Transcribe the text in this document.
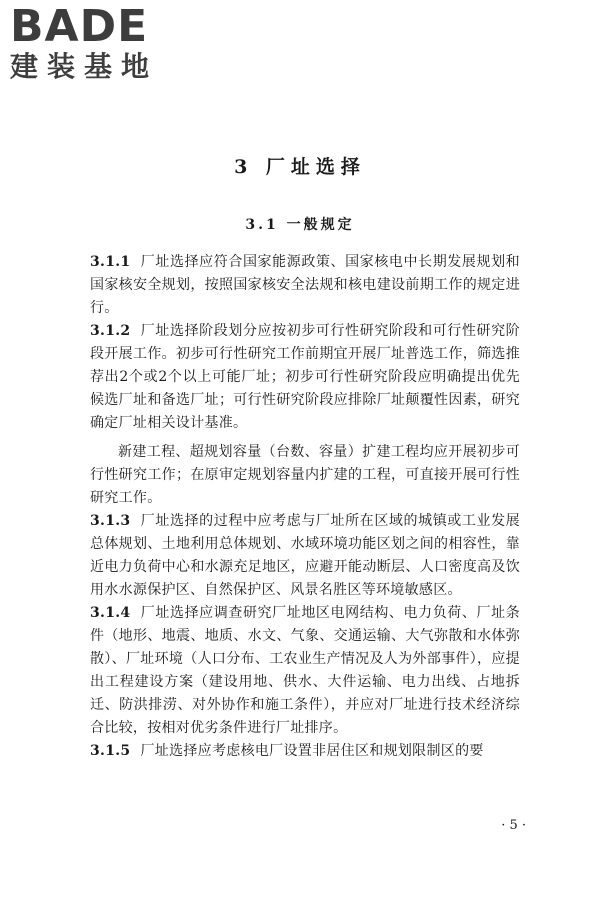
BADE
建装基地
3 厂址选择
3.1 一般规定

3.1.1 厂址选择应符合国家能源政策、国家核电中长期发展规划和国家核安全规划，按照国家核安全法规和核电建设前期工作的规定进行。

3.1.2 厂址选择阶段划分应按初步可行性研究阶段和可行性研究阶段开展工作。初步可行性研究工作前期宜开展厂址普选工作，筛选推荐出2个或2个以上可能厂址；初步可行性研究阶段应明确提出优先候选厂址和备选厂址；可行性研究阶段应排除厂址颠覆性因素，研究确定厂址相关设计基准。

新建工程、超规划容量（台数、容量）扩建工程均应开展初步可行性研究工作；在原审定规划容量内扩建的工程，可直接开展可行性研究工作。

3.1.3 厂址选择的过程中应考虑与厂址所在区域的城镇或工业发展总体规划、土地利用总体规划、水域环境功能区划之间的相容性，靠近电力负荷中心和水源充足地区，应避开能动断层、人口密度高及饮用水水源保护区、自然保护区、风景名胜区等环境敏感区。

3.1.4 厂址选择应调查研究厂址地区电网结构、电力负荷、厂址条件（地形、地震、地质、水文、气象、交通运输、大气弥散和水体弥散）、厂址环境（人口分布、工农业生产情况及人为外部事件），应提出工程建设方案（建设用地、供水、大件运输、电力出线、占地拆迁、防洪排涝、对外协作和施工条件），并应对厂址进行技术经济综合比较，按相对优劣条件进行厂址排序。

3.1.5 厂址选择应考虑核电厂设置非居住区和规划限制区的要

· 5 ·
